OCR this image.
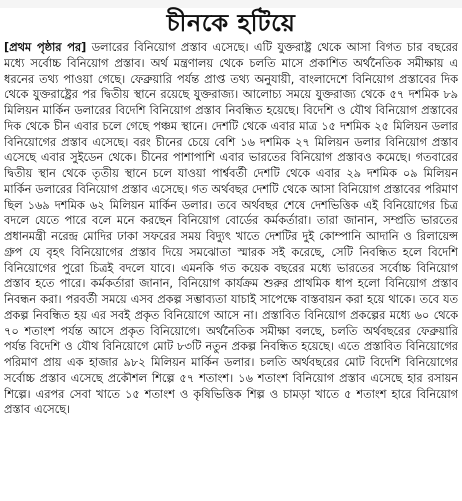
চীনকে হটিয়ে
[প্রথম পৃষ্ঠার পর] ডলারের বিনিয়োগ প্রস্তাব এসেছে। এটি যুক্তরাষ্ট্র থেকে আসা বিগত চার বছরের মধ্যে সর্বোচ্চ বিনিয়োগ প্রস্তাব। অর্থ মন্ত্রণালয় থেকে চলতি মাসে প্রকাশিত অর্থনৈতিক সমীক্ষায় এ ধরনের তথ্য পাওয়া গেছে। ফেব্রুয়ারি পর্যন্ত প্রাপ্ত তথ্য অনুযায়ী, বাংলাদেশে বিনিয়োগ প্রস্তাবের দিক থেকে যুক্তরাষ্ট্রের পর দ্বিতীয় স্থানে রয়েছে যুক্তরাজ্য। আলোচ্য সময়ে যুক্তরাজ্য থেকে ৫৭ দশমিক ৮৯ মিলিয়ন মার্কিন ডলারের বিদেশি বিনিয়োগ প্রস্তাব নিবন্ধিত হয়েছে। বিদেশি ও যৌথ বিনিয়োগ প্রস্তাবের দিক থেকে চীন এবার চলে গেছে পঞ্চম স্থানে। দেশটি থেকে এবার মাত্র ১৫ দশমিক ২৫ মিলিয়ন ডলার বিনিয়োগের প্রস্তাব এসেছে। বরং চীনের চেয়ে বেশি ১৬ দশমিক ২৭ মিলিয়ন ডলার বিনিয়োগ প্রস্তাব এসেছে এবার সুইডেন থেকে। চীনের পাশাপাশি এবার ভারতের বিনিয়োগ প্রস্তাবও কমেছে। গতবারের দ্বিতীয় স্থান থেকে তৃতীয় স্থানে চলে যাওয়া পার্শ্ববর্তী দেশটি থেকে এবার ২৯ দশমিক ০৯ মিলিয়ন মার্কিন ডলারের বিনিয়োগ প্রস্তাব এসেছে। গত অর্থবছর দেশটি থেকে আসা বিনিয়োগ প্রস্তাবের পরিমাণ ছিল ১৬৯ দশমিক ৬২ মিলিয়ন মার্কিন ডলার। তবে অর্থবছর শেষে দেশভিত্তিক এই বিনিয়োগের চিত্র বদলে যেতে পারে বলে মনে করছেন বিনিয়োগ বোর্ডের কর্মকর্তারা। তারা জানান, সম্প্রতি ভারতের প্রধানমন্ত্রী নরেন্দ্র মোদির ঢাকা সফরের সময় বিদ্যুৎ খাতে দেশটির দুই কোম্পানি আদানি ও রিলায়েন্স গ্রুপ যে বৃহৎ বিনিয়োগের প্রস্তাব দিয়ে সমঝোতা স্মারক সই করেছে, সেটি নিবন্ধিত হলে বিদেশি বিনিয়োগের পুরো চিত্রই বদলে যাবে। এমনকি গত কয়েক বছরের মধ্যে ভারতের সর্বোচ্চ বিনিয়োগ প্রস্তাব হতে পারে। কর্মকর্তারা জানান, বিনিয়োগ কার্যক্রম শুরুর প্রাথমিক ধাপ হলো বিনিয়োগ প্রস্তাব নিবন্ধন করা। পরবর্তী সময়ে এসব প্রকল্প সম্ভাব্যতা যাচাই সাপেক্ষে বাস্তবায়ন করা হয়ে থাকে। তবে যত প্রকল্প নিবন্ধিত হয় এর সবই প্রকৃত বিনিয়োগে আসে না। প্রস্তাবিত বিনিয়োগ প্রকল্পের মধ্যে ৬০ থেকে ৭০ শতাংশ পর্যন্ত আসে প্রকৃত বিনিয়োগে। অর্থনৈতিক সমীক্ষা বলছে, চলতি অর্থবছরের ফেব্রুয়ারি পর্যন্ত বিদেশি ও যৌথ বিনিয়োগে মোট ৮৩টি নতুন প্রকল্প নিবন্ধিত হয়েছে। এতে প্রস্তাবিত বিনিয়োগের পরিমাণ প্রায় এক হাজার ৯৮২ মিলিয়ন মার্কিন ডলার। চলতি অর্থবছরের মোট বিদেশি বিনিয়োগের সর্বোচ্চ প্রস্তাব এসেছে প্রকৌশল শিল্পে ৫৭ শতাংশ। ১৬ শতাংশ বিনিয়োগ প্রস্তাব এসেছে হার রসায়ন শিল্পে। এরপর সেবা খাতে ১৫ শতাংশ ও কৃষিভিত্তিক শিল্প ও চামড়া খাতে ৫ শতাংশ হারে বিনিয়োগ প্রস্তাব এসেছে।
